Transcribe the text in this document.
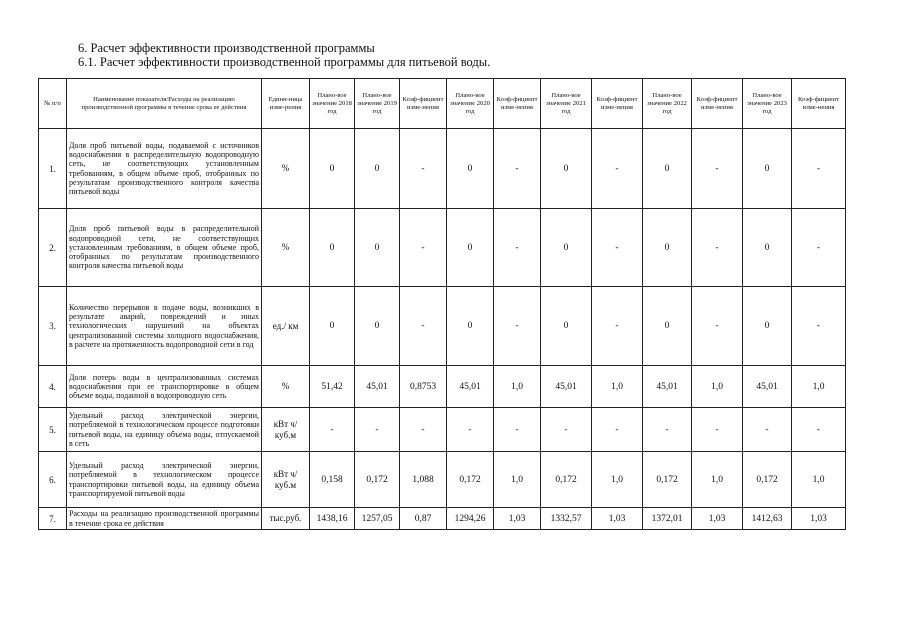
6. Расчет эффективности производственной программы
6.1. Расчет эффективности производственной программы для питьевой воды.
№ п/п	Наименование показателя/Расходы на реализацию производственной программы в течение срока ее действия	Едини-ница изме-рения	Плано-вое значение 2018 год	Плано-вое значение 2019 год	Коэф-фициент изме-нения	Плано-вое значение 2020 год	Коэф-фициент изме-нения	Плано-вое значение 2021 год	Коэф-фициент изме-нения	Плано-вое значение 2022 год	Коэф-фициент изме-нения	Плано-вое значение 2023 год	Коэф-фициент изме-нения
1.	Доля проб питьевой воды, подаваемой с источников водоснабжения в распределительную водопроводную сеть, не соответствующих установленным требованиям, в общем объеме проб, отобранных по результатам производственного контроля качества питьевой воды	%	0	0	-	0	-	0	-	0	-	0	-
2.	Доля проб питьевой воды в распределительной водопроводной сети, не соответствующих установленным требованиям, в общем объеме проб, отобранных по результатам производственного контроля качества питьевой воды	%	0	0	-	0	-	0	-	0	-	0	-
3.	Количество перерывов в подаче воды, возникших в результате аварий, повреждений и иных технологических нарушений на объектах централизованной системы холодного водоснабжения, в расчете на протяженность водопроводной сети в год	ед./ км	0	0	-	0	-	0	-	0	-	0	-
4.	Доля потерь воды в централизованных системах водоснабжения при ее транспортировке в общем объеме воды, поданной в водопроводную сеть	%	51,42	45,01	0,8753	45,01	1,0	45,01	1,0	45,01	1,0	45,01	1,0
5.	Удельный расход электрической энергии, потребляемой в технологическом процессе подготовки питьевой воды, на единицу объема воды, отпускаемой в сеть	кВт ч/куб.м	-	-	-	-	-	-	-	-	-	-	-
6.	Удельный расход электрической энергии, потребляемой в технологическом процессе транспортировки питьевой воды, на единицу объема транспортируемой питьевой воды	кВт ч/куб.м	0,158	0,172	1,088	0,172	1,0	0,172	1,0	0,172	1,0	0,172	1,0
7.	Расходы на реализацию производственной программы в течение срока ее действия	тыс.руб.	1438,16	1257,05	0,87	1294,26	1,03	1332,57	1,03	1372,01	1,03	1412,63	1,03
